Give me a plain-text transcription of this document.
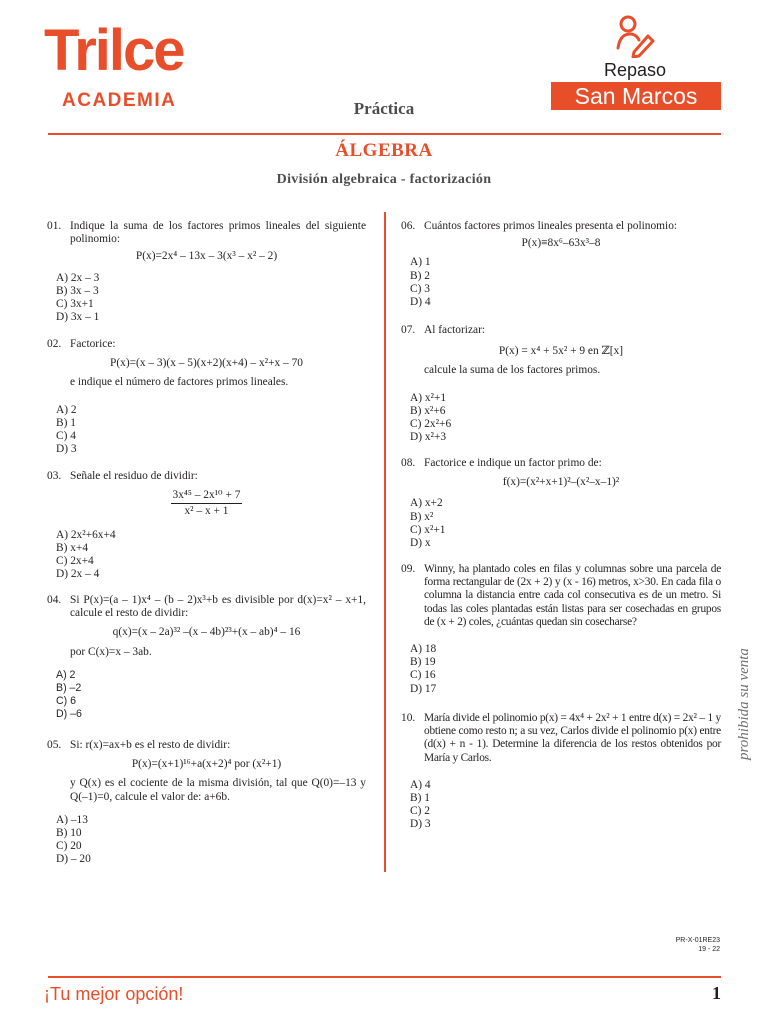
Trilce
ACADEMIA
Repaso
San Marcos
Práctica
ÁLGEBRA
División algebraica - factorización
01. Indique la suma de los factores primos lineales del siguiente polinomio:
P(x)=2x⁴ – 13x – 3(x³ – x² – 2)
A) 2x – 3
B) 3x – 3
C) 3x+1
D) 3x – 1
02. Factorice:
P(x)=(x – 3)(x – 5)(x+2)(x+4) – x²+x – 70
e indique el número de factores primos lineales.
A) 2
B) 1
C) 4
D) 3
03. Señale el residuo de dividir:
$\frac{\text{3x⁴⁵ – 2x¹⁰ + 7}}{\text{x² – x + 1}}$
A) 2x²+6x+4
B) x+4
C) 2x+4
D) 2x – 4
04. Si P(x)=(a – 1)x⁴ – (b – 2)x³+b es divisible por d(x)=x² – x+1, calcule el resto de dividir:
q(x)=(x – 2a)³² –(x – 4b)²³+(x – ab)⁴ – 16
por C(x)=x – 3ab.
A) 2
B) –2
C) 6
D) –6
05. Si: r(x)=ax+b es el resto de dividir:
P(x)=(x+1)¹⁶+a(x+2)⁴ por (x²+1)
y Q(x) es el cociente de la misma división, tal que Q(0)=–13 y Q(–1)=0, calcule el valor de: a+6b.
A) –13
B) 10
C) 20
D) – 20
06. Cuántos factores primos lineales presenta el polinomio:
P(x)≡8x⁶–63x³–8
A) 1
B) 2
C) 3
D) 4
07. Al factorizar:
P(x) = x⁴ + 5x² + 9 en ℤ[x]
calcule la suma de los factores primos.
A) x²+1
B) x²+6
C) 2x²+6
D) x²+3
08. Factorice e indique un factor primo de:
f(x)=(x²+x+1)²–(x²–x–1)²
A) x+2
B) x²
C) x²+1
D) x
09. Winny, ha plantado coles en filas y columnas sobre una parcela de forma rectangular de (2x + 2) y (x - 16) metros, x>30. En cada fila o columna la distancia entre cada col consecutiva es de un metro. Si todas las coles plantadas están listas para ser cosechadas en grupos de (x + 2) coles, ¿cuántas quedan sin cosecharse?
A) 18
B) 19
C) 16
D) 17
10. María divide el polinomio p(x) = 4x⁴ + 2x² + 1 entre d(x) = 2x² – 1 y obtiene como resto n; a su vez, Carlos divide el polinomio p(x) entre (d(x) + n - 1). Determine la diferencia de los restos obtenidos por María y Carlos.
A) 4
B) 1
C) 2
D) 3
prohibida su venta
PR-X-01RE23
19 - 22
¡Tu mejor opción!	1
